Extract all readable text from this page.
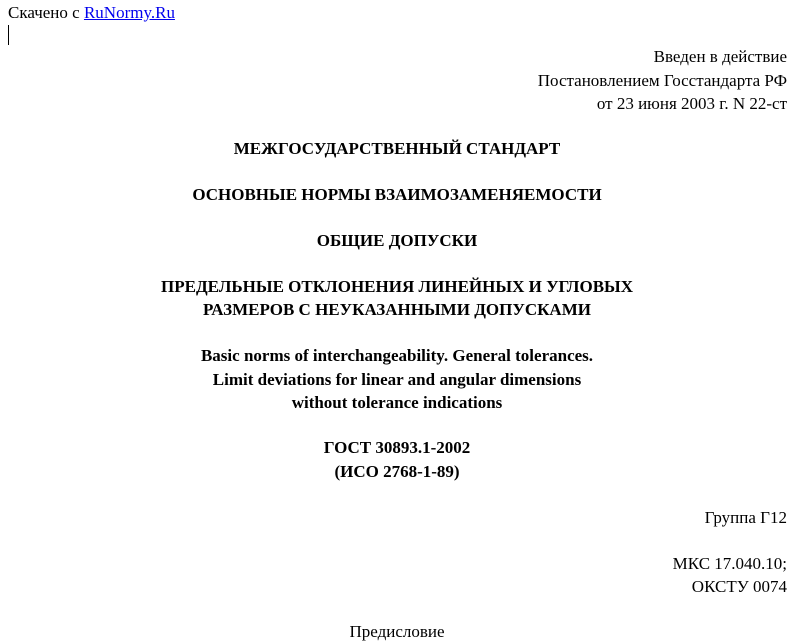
Скачено с RuNormy.Ru
Введен в действие
Постановлением Госстандарта РФ
от 23 июня 2003 г. N 22-ст
МЕЖГОСУДАРСТВЕННЫЙ СТАНДАРТ
ОСНОВНЫЕ НОРМЫ ВЗАИМОЗАМЕНЯЕМОСТИ
ОБЩИЕ ДОПУСКИ
ПРЕДЕЛЬНЫЕ ОТКЛОНЕНИЯ ЛИНЕЙНЫХ И УГЛОВЫХ
РАЗМЕРОВ С НЕУКАЗАННЫМИ ДОПУСКАМИ
Basic norms of interchangeability. General tolerances.
Limit deviations for linear and angular dimensions
without tolerance indications
ГОСТ 30893.1-2002
(ИСО 2768-1-89)
Группа Г12
МКС 17.040.10;
ОКСТУ 0074
Предисловие
